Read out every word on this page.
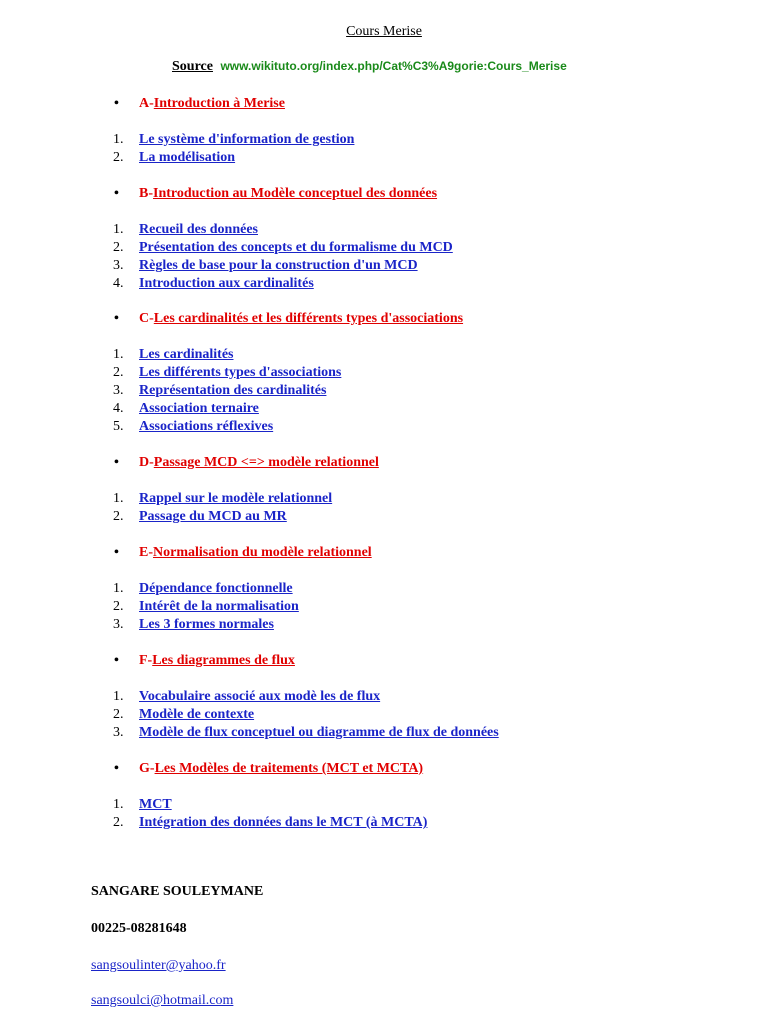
Cours Merise
Source www.wikituto.org/index.php/Cat%C3%A9gorie:Cours_Merise
• A-Introduction à Merise
1. Le système d'information de gestion
2. La modélisation
• B-Introduction au Modèle conceptuel des données
1. Recueil des données
2. Présentation des concepts et du formalisme du MCD
3. Règles de base pour la construction d'un MCD
4. Introduction aux cardinalités
• C-Les cardinalités et les différents types d'associations
1. Les cardinalités
2. Les différents types d'associations
3. Représentation des cardinalités
4. Association ternaire
5. Associations réflexives
• D-Passage MCD <=> modèle relationnel
1. Rappel sur le modèle relationnel
2. Passage du MCD au MR
• E-Normalisation du modèle relationnel
1. Dépendance fonctionnelle
2. Intérêt de la normalisation
3. Les 3 formes normales
• F-Les diagrammes de flux
1. Vocabulaire associé aux modè les de flux
2. Modèle de contexte
3. Modèle de flux conceptuel ou diagramme de flux de données
• G-Les Modèles de traitements (MCT et MCTA)
1. MCT
2. Intégration des données dans le MCT (à MCTA)
SANGARE SOULEYMANE
00225-08281648
sangsoulinter@yahoo.fr
sangsoulci@hotmail.com
